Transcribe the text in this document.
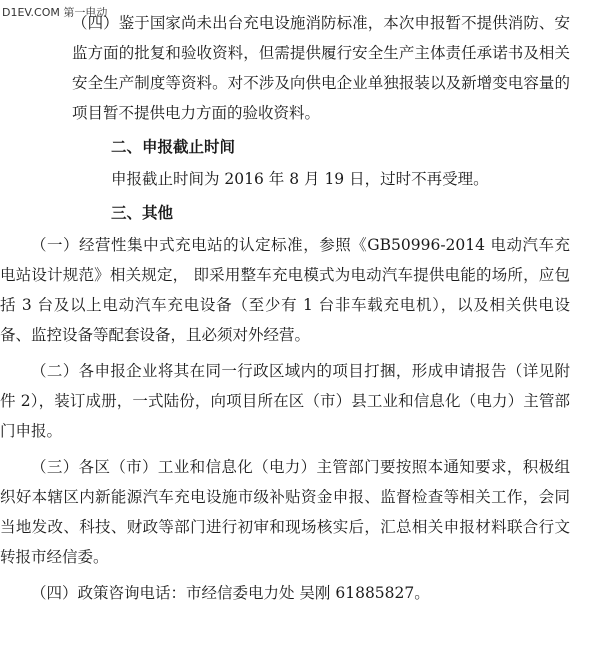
D1EV.COM 第一电动

（四）鉴于国家尚未出台充电设施消防标准，本次申报暂不提供消防、安监方面的批复和验收资料，但需提供履行安全生产主体责任承诺书及相关安全生产制度等资料。对不涉及向供电企业单独报装以及新增变电容量的项目暂不提供电力方面的验收资料。

二、申报截止时间

申报截止时间为 2016 年 8 月 19 日，过时不再受理。

三、其他

（一）经营性集中式充电站的认定标准，参照《GB50996-2014 电动汽车充电站设计规范》相关规定， 即采用整车充电模式为电动汽车提供电能的场所，应包括 3 台及以上电动汽车充电设备（至少有 1 台非车载充电机），以及相关供电设备、监控设备等配套设备，且必须对外经营。

（二）各申报企业将其在同一行政区域内的项目打捆，形成申请报告（详见附件 2），装订成册，一式陆份，向项目所在区（市）县工业和信息化（电力）主管部门申报。

（三）各区（市）工业和信息化（电力）主管部门要按照本通知要求，积极组织好本辖区内新能源汽车充电设施市级补贴资金申报、监督检查等相关工作，会同当地发改、科技、财政等部门进行初审和现场核实后，汇总相关申报材料联合行文转报市经信委。

（四）政策咨询电话：市经信委电力处 吴刚 61885827。
